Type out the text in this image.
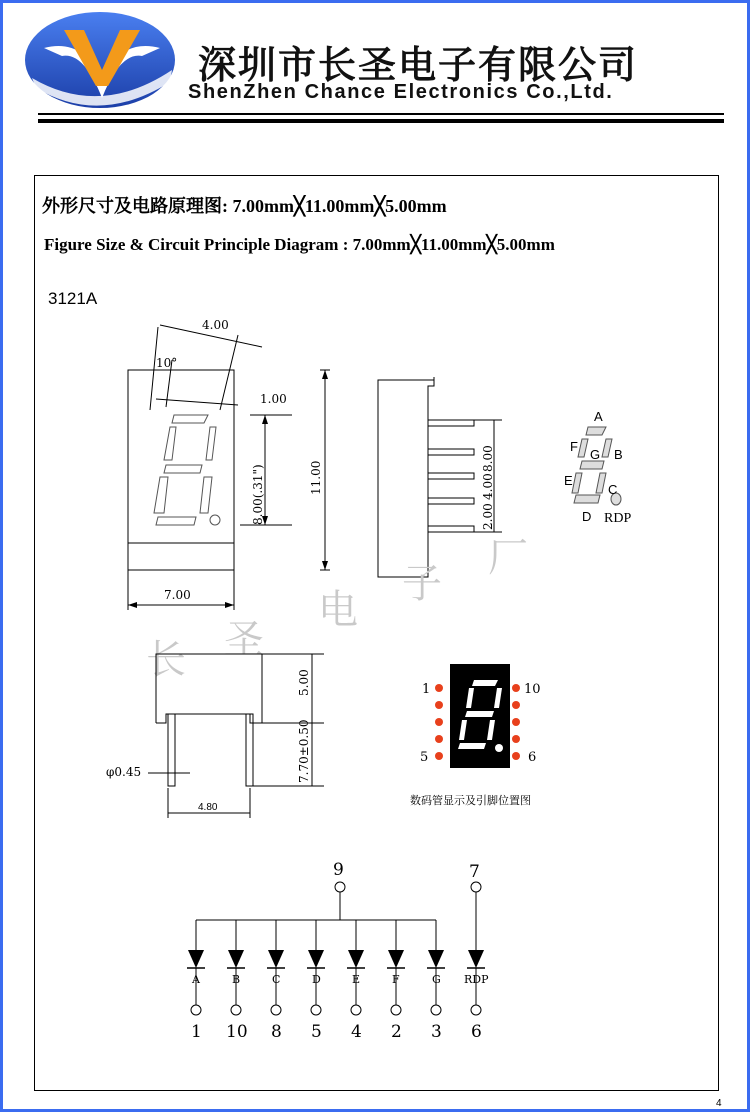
深圳市长圣电子有限公司
ShenZhen Chance Electronics Co.,Ltd.
外形尺寸及电路原理图: 7.00mm╳11.00mm╳5.00mm
Figure Size & Circuit Principle Diagram : 7.00mm╳11.00mm╳5.00mm
3121A
4.00
10°
1.00
8.00(.31")	11.00
7.00
8.00
4.00
2.00
A
B
C
D
E
F
G
RDP
长 圣
电
子
厂
5.00
7.70±0.50
φ0.45
4.80
1
5
10
6
数码管显示及引脚位置图
A
1
B
10
C
8
D
5
E
4
F
2
G
3
RDP
6
9	7
4
